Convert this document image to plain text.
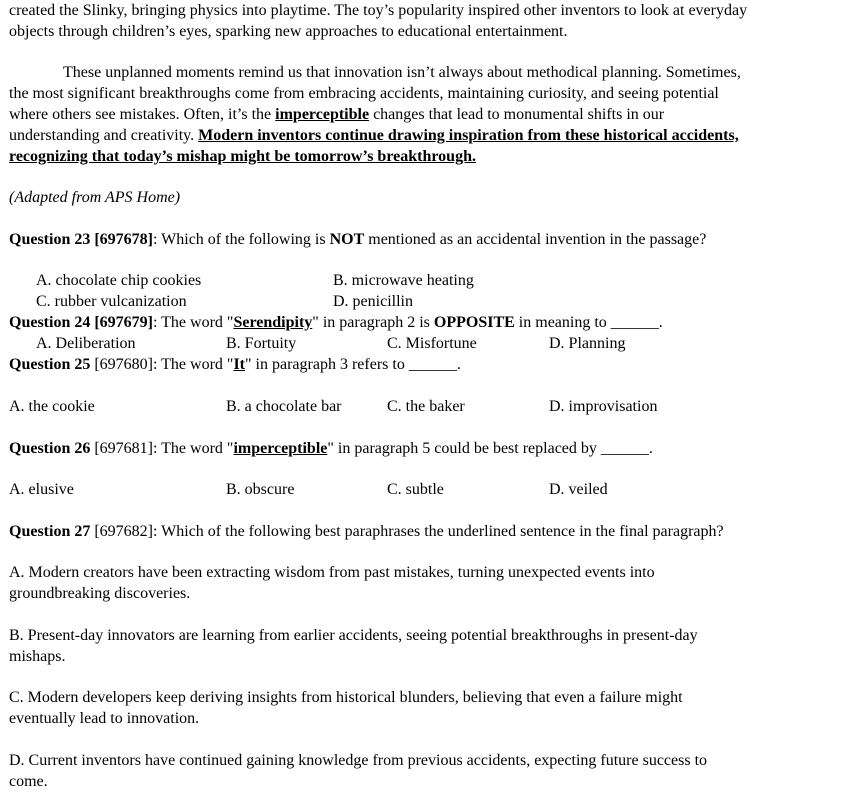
created the Slinky, bringing physics into playtime. The toy’s popularity inspired other inventors to look at everyday
objects through children’s eyes, sparking new approaches to educational entertainment.
These unplanned moments remind us that innovation isn’t always about methodical planning. Sometimes,
the most significant breakthroughs come from embracing accidents, maintaining curiosity, and seeing potential
where others see mistakes. Often, it’s the imperceptible changes that lead to monumental shifts in our
understanding and creativity. Modern inventors continue drawing inspiration from these historical accidents,
recognizing that today’s mishap might be tomorrow’s breakthrough.
(Adapted from APS Home)
Question 23 [697678]: Which of the following is NOT mentioned as an accidental invention in the passage?
A. chocolate chip cookies	B. microwave heating
C. rubber vulcanization	D. penicillin
Question 24 [697679]: The word "Serendipity" in paragraph 2 is OPPOSITE in meaning to ______.
A. Deliberation	B. Fortuity	C. Misfortune	D. Planning
Question 25 [697680]: The word "It" in paragraph 3 refers to ______.
A. the cookie	B. a chocolate bar	C. the baker	D. improvisation
Question 26 [697681]: The word "imperceptible" in paragraph 5 could be best replaced by ______.
A. elusive	B. obscure	C. subtle	D. veiled
Question 27 [697682]: Which of the following best paraphrases the underlined sentence in the final paragraph?
A. Modern creators have been extracting wisdom from past mistakes, turning unexpected events into
groundbreaking discoveries.
B. Present-day innovators are learning from earlier accidents, seeing potential breakthroughs in present-day
mishaps.
C. Modern developers keep deriving insights from historical blunders, believing that even a failure might
eventually lead to innovation.
D. Current inventors have continued gaining knowledge from previous accidents, expecting future success to
come.
